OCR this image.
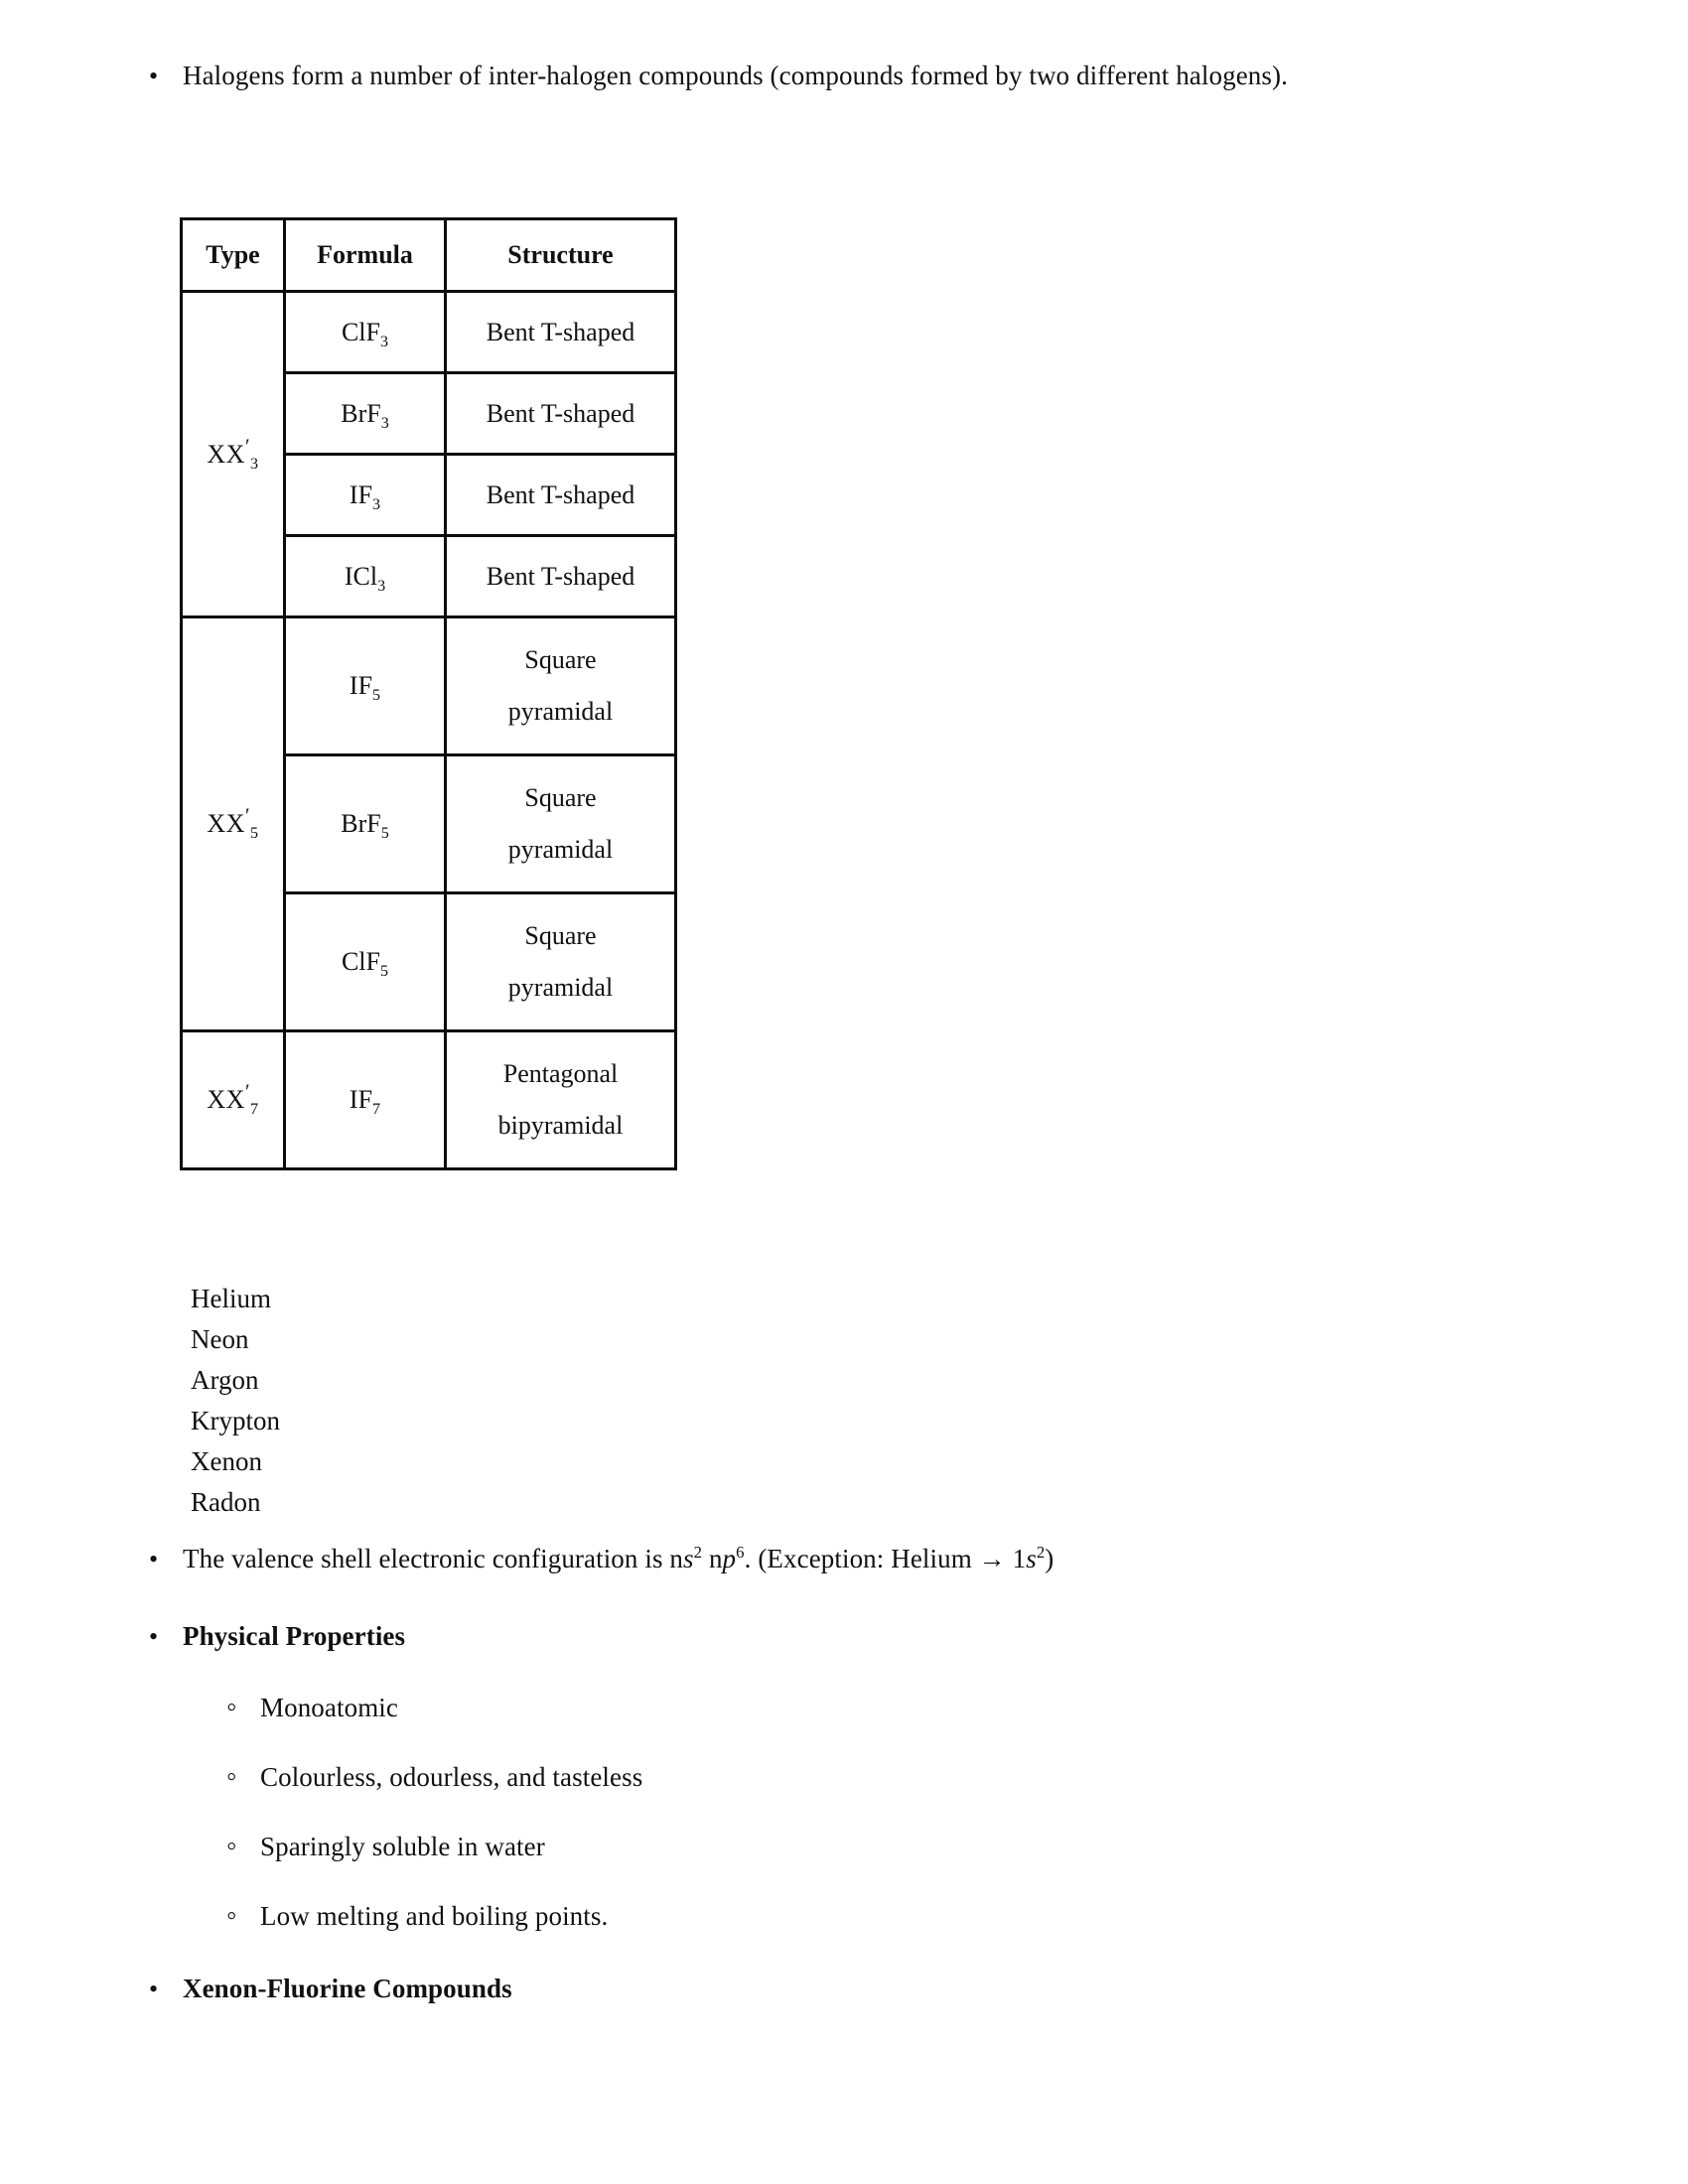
•
Halogens form a number of inter-halogen compounds (compounds formed by two different halogens).
Type	Formula	Structure
$XX'_3$	ClF$_3$	Bent T-shaped
	BrF$_3$	Bent T-shaped
	$IF_3$	Bent T-shaped
	ICl$_3$	Bent T-shaped
$XX'_5$	$IF_5$	Square
pyramidal

	BrF$_5$	Square
pyramidal

	ClF$_5$	Square
pyramidal

$XX'_7$	$IF_7$	Pentagonal
bipyramidal
Helium
Neon
Argon
Krypton
Xenon
Radon
•
The valence shell electronic configuration is $ns^2$ $np^6$. (Exception: Helium → $1s^2$)
•
Physical Properties
◦
Monoatomic
◦
Colourless, odourless, and tasteless
◦
Sparingly soluble in water
◦
Low melting and boiling points.
•
Xenon-Fluorine Compounds
